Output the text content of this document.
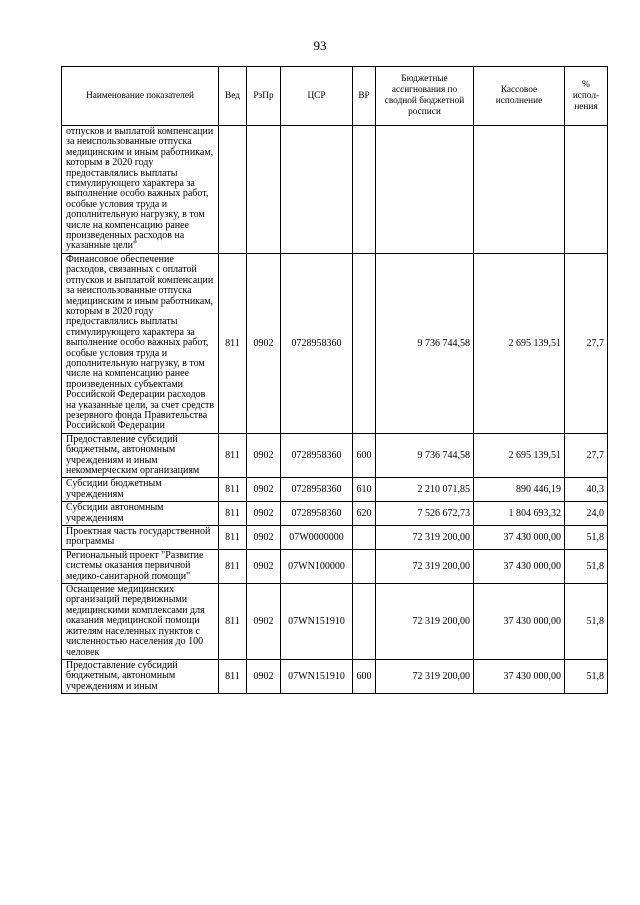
93
Наименование показателей	Вед	РзПр	ЦСР	ВР	Бюджетные ассигнования по сводной бюджетной росписи	Кассовое исполнение	% испол-нения
отпусков и выплатой компенсации за неиспользованные отпуска медицинским и иным работникам, которым в 2020 году предоставлялись выплаты стимулирующего характера за выполнение особо важных работ, особые условия труда и дополнительную нагрузку, в том числе на компенсацию ранее произведенных расходов на указанные цели"							
Финансовое обеспечение расходов, связанных с оплатой отпусков и выплатой компенсации за неиспользованные отпуска медицинским и иным работникам, которым в 2020 году предоставлялись выплаты стимулирующего характера за выполнение особо важных работ, особые условия труда и дополнительную нагрузку, в том числе на компенсацию ранее произведенных субъектами Российской Федерации расходов на указанные цели, за счет средств резервного фонда Правительства Российской Федерации	811	0902	0728958360		9 736 744,58	2 695 139,51	27,7
Предоставление субсидий бюджетным, автономным учреждениям и иным некоммерческим организациям	811	0902	0728958360	600	9 736 744,58	2 695 139,51	27,7
Субсидии бюджетным учреждениям	811	0902	0728958360	610	2 210 071,85	890 446,19	40,3
Субсидии автономным учреждениям	811	0902	0728958360	620	7 526 672,73	1 804 693,32	24,0
Проектная часть государственной программы	811	0902	07W0000000		72 319 200,00	37 430 000,00	51,8
Региональный проект "Развитие системы оказания первичной медико-санитарной помощи"	811	0902	07WN100000		72 319 200,00	37 430 000,00	51,8
Оснащение медицинских организаций передвижными медицинскими комплексами для оказания медицинской помощи жителям населенных пунктов с численностью населения до 100 человек	811	0902	07WN151910		72 319 200,00	37 430 000,00	51,8
Предоставление субсидий бюджетным, автономным учреждениям и иным	811	0902	07WN151910	600	72 319 200,00	37 430 000,00	51,8
